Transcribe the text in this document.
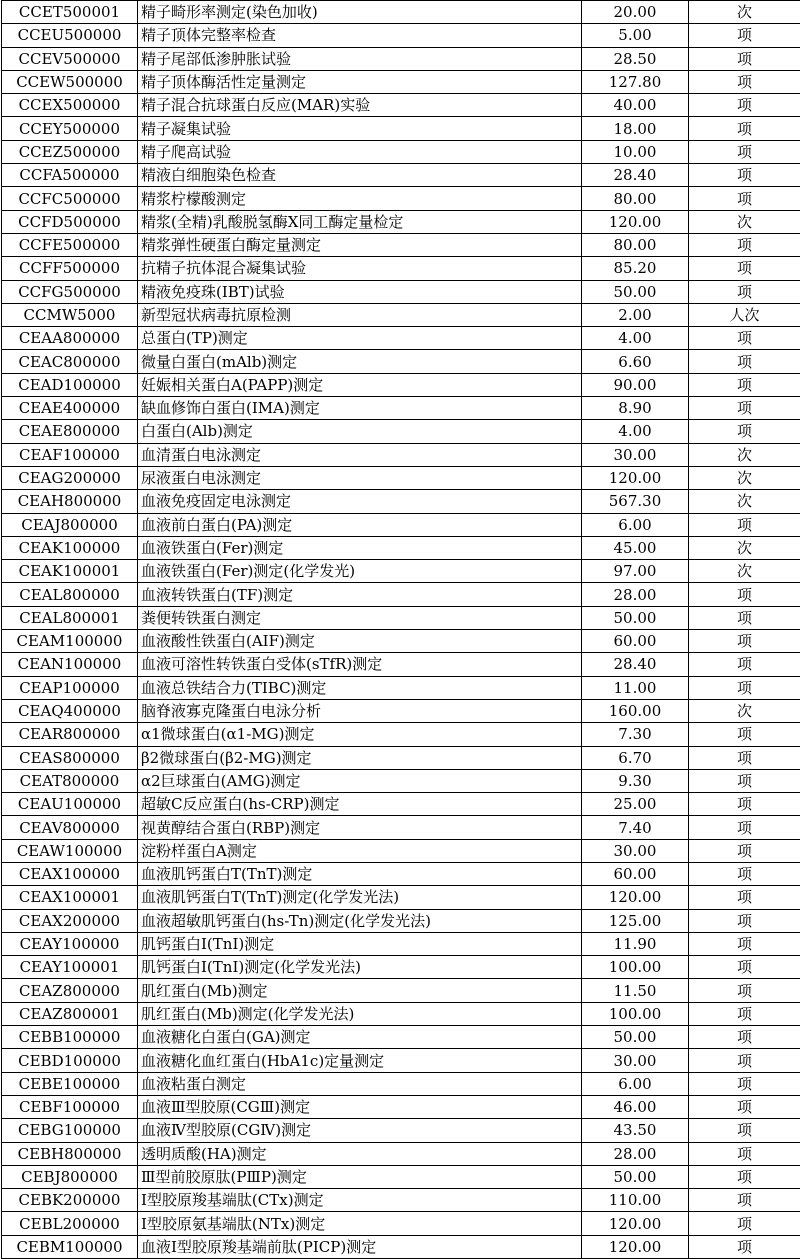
CCET500001	精子畸形率测定(染色加收)	20.00	次
CCEU500000	精子顶体完整率检查	5.00	项
CCEV500000	精子尾部低渗肿胀试验	28.50	项
CCEW500000	精子顶体酶活性定量测定	127.80	项
CCEX500000	精子混合抗球蛋白反应(MAR)实验	40.00	项
CCEY500000	精子凝集试验	18.00	项
CCEZ500000	精子爬高试验	10.00	项
CCFA500000	精液白细胞染色检查	28.40	项
CCFC500000	精浆柠檬酸测定	80.00	项
CCFD500000	精浆(全精)乳酸脱氢酶X同工酶定量检定	120.00	次
CCFE500000	精浆弹性硬蛋白酶定量测定	80.00	项
CCFF500000	抗精子抗体混合凝集试验	85.20	项
CCFG500000	精液免疫珠(IBT)试验	50.00	项
CCMW5000	新型冠状病毒抗原检测	2.00	人次
CEAA800000	总蛋白(TP)测定	4.00	项
CEAC800000	微量白蛋白(mAlb)测定	6.60	项
CEAD100000	妊娠相关蛋白A(PAPP)测定	90.00	项
CEAE400000	缺血修饰白蛋白(IMA)测定	8.90	项
CEAE800000	白蛋白(Alb)测定	4.00	项
CEAF100000	血清蛋白电泳测定	30.00	次
CEAG200000	尿液蛋白电泳测定	120.00	次
CEAH800000	血液免疫固定电泳测定	567.30	次
CEAJ800000	血液前白蛋白(PA)测定	6.00	项
CEAK100000	血液铁蛋白(Fer)测定	45.00	次
CEAK100001	血液铁蛋白(Fer)测定(化学发光)	97.00	次
CEAL800000	血液转铁蛋白(TF)测定	28.00	项
CEAL800001	粪便转铁蛋白测定	50.00	项
CEAM100000	血液酸性铁蛋白(AIF)测定	60.00	项
CEAN100000	血液可溶性转铁蛋白受体(sTfR)测定	28.40	项
CEAP100000	血液总铁结合力(TIBC)测定	11.00	项
CEAQ400000	脑脊液寡克隆蛋白电泳分析	160.00	次
CEAR800000	α1微球蛋白(α1-MG)测定	7.30	项
CEAS800000	β2微球蛋白(β2-MG)测定	6.70	项
CEAT800000	α2巨球蛋白(AMG)测定	9.30	项
CEAU100000	超敏C反应蛋白(hs-CRP)测定	25.00	项
CEAV800000	视黄醇结合蛋白(RBP)测定	7.40	项
CEAW100000	淀粉样蛋白A测定	30.00	项
CEAX100000	血液肌钙蛋白T(TnT)测定	60.00	项
CEAX100001	血液肌钙蛋白T(TnT)测定(化学发光法)	120.00	项
CEAX200000	血液超敏肌钙蛋白(hs-Tn)测定(化学发光法)	125.00	项
CEAY100000	肌钙蛋白Ⅰ(TnI)测定	11.90	项
CEAY100001	肌钙蛋白Ⅰ(TnI)测定(化学发光法)	100.00	项
CEAZ800000	肌红蛋白(Mb)测定	11.50	项
CEAZ800001	肌红蛋白(Mb)测定(化学发光法)	100.00	项
CEBB100000	血液糖化白蛋白(GA)测定	50.00	项
CEBD100000	血液糖化血红蛋白(HbA1c)定量测定	30.00	项
CEBE100000	血液粘蛋白测定	6.00	项
CEBF100000	血液Ⅲ型胶原(CGⅢ)测定	46.00	项
CEBG100000	血液Ⅳ型胶原(CGⅣ)测定	43.50	项
CEBH800000	透明质酸(HA)测定	28.00	项
CEBJ800000	Ⅲ型前胶原肽(PⅢP)测定	50.00	项
CEBK200000	Ⅰ型胶原羧基端肽(CTx)测定	110.00	项
CEBL200000	Ⅰ型胶原氨基端肽(NTx)测定	120.00	项
CEBM100000	血液Ⅰ型胶原羧基端前肽(PICP)测定	120.00	项
